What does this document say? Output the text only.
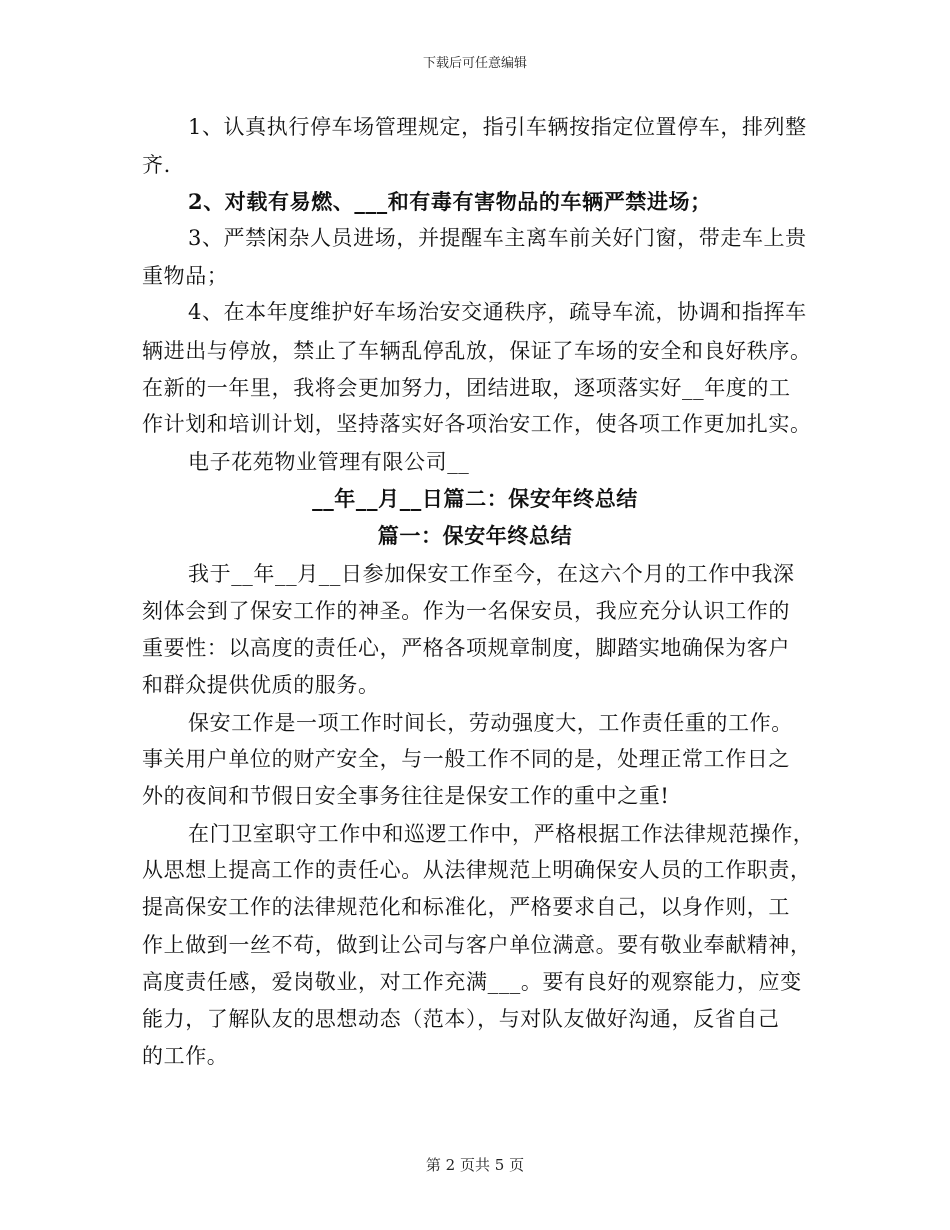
下载后可任意编辑
1、认真执行停车场管理规定，指引车辆按指定位置停车，排列整
齐.
2、对载有易燃、___和有毒有害物品的车辆严禁进场；
3、严禁闲杂人员进场，并提醒车主离车前关好门窗，带走车上贵
重物品；
4、在本年度维护好车场治安交通秩序，疏导车流，协调和指挥车
辆进出与停放，禁止了车辆乱停乱放，保证了车场的安全和良好秩序。
在新的一年里，我将会更加努力，团结进取，逐项落实好__年度的工
作计划和培训计划，坚持落实好各项治安工作，使各项工作更加扎实。
电子花苑物业管理有限公司__
__年__月__日篇二：保安年终总结
篇一：保安年终总结
我于__年__月__日参加保安工作至今，在这六个月的工作中我深
刻体会到了保安工作的神圣。作为一名保安员，我应充分认识工作的
重要性：以高度的责任心，严格各项规章制度，脚踏实地确保为客户
和群众提供优质的服务。
保安工作是一项工作时间长，劳动强度大，工作责任重的工作。
事关用户单位的财产安全，与一般工作不同的是，处理正常工作日之
外的夜间和节假日安全事务往往是保安工作的重中之重!
在门卫室职守工作中和巡逻工作中，严格根据工作法律规范操作，
从思想上提高工作的责任心。从法律规范上明确保安人员的工作职责，
提高保安工作的法律规范化和标准化，严格要求自己，以身作则，工
作上做到一丝不苟，做到让公司与客户单位满意。要有敬业奉献精神，
高度责任感，爱岗敬业，对工作充满___。要有良好的观察能力，应变
能力，了解队友的思想动态（范本），与对队友做好沟通，反省自己
的工作。
第 2 页共 5 页
